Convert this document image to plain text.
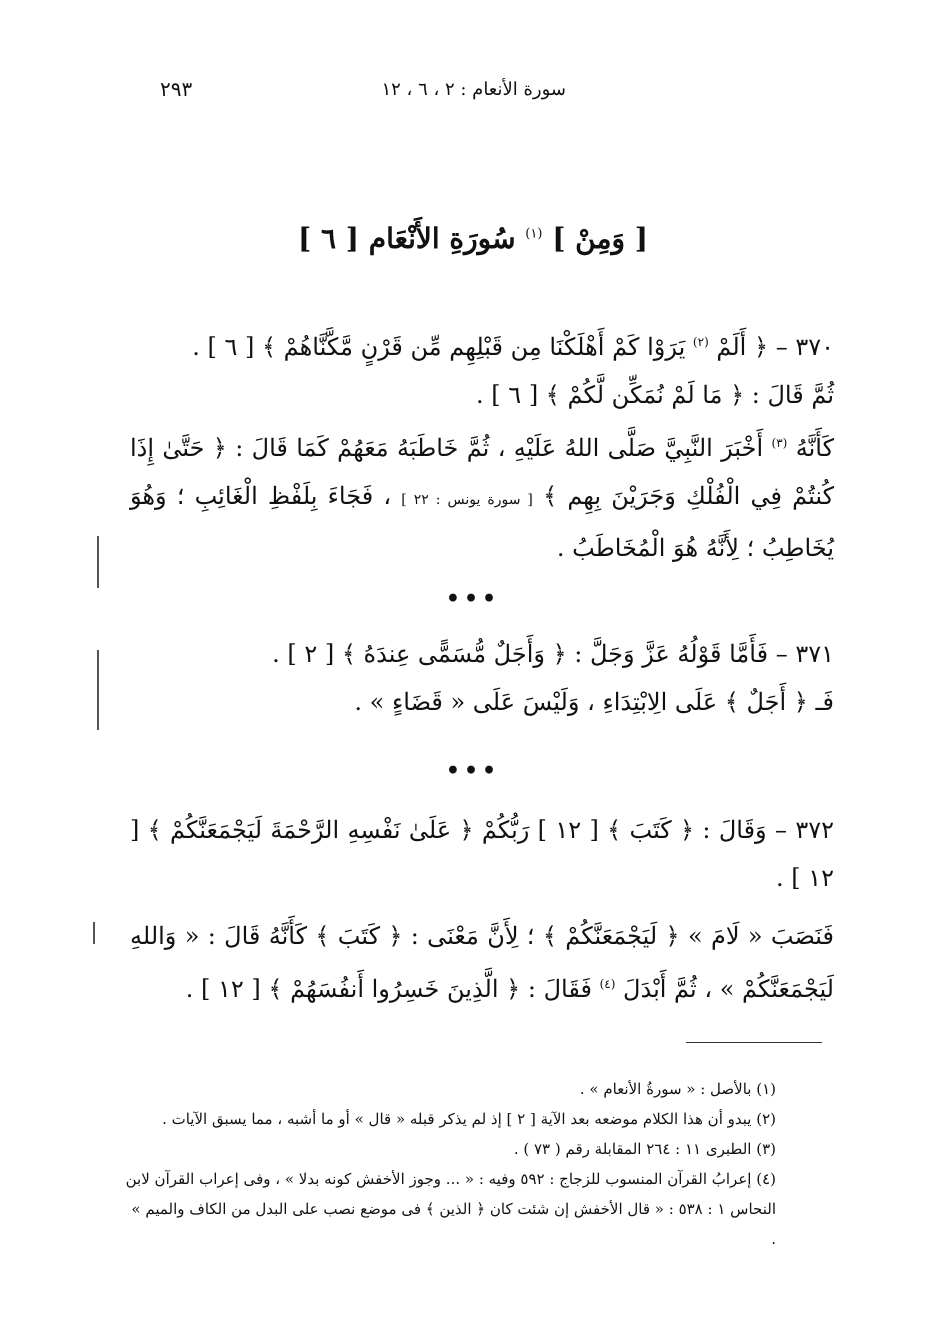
سورة الأنعام : ٢ ، ٦ ، ١٢
٢٩٣
[ وَمِنْ ] $^{(١)}$ سُورَةِ الأَنْعَام [ ٦ ]

٣٧٠ – ﴿ أَلَمْ $^{(٢)}$ يَرَوْا كَمْ أَهْلَكْنَا مِن قَبْلِهِم مِّن قَرْنٍ مَّكَّنَّاهُمْ ﴾ [ ٦ ] .

ثُمَّ قَالَ : ﴿ مَا لَمْ نُمَكِّن لَّكُمْ ﴾ [ ٦ ] .

كَأَنَّهُ $^{(٣)}$ أَخْبَرَ النَّبِيَّ صَلَّى اللهُ عَلَيْهِ ، ثُمَّ خَاطَبَهُ مَعَهُمْ كَمَا قَالَ : ﴿ حَتَّىٰ إِذَا كُنتُمْ فِي الْفُلْكِ وَجَرَيْنَ بِهِم ﴾ [ سورة يونس : ٢٢ ] ، فَجَاءَ بِلَفْظِ الْغَائِبِ ؛ وَهُوَ يُخَاطِبُ ؛ لِأَنَّهُ هُوَ الْمُخَاطَبُ .

•••

٣٧١ – فَأَمَّا قَوْلُهُ عَزَّ وَجَلَّ : ﴿ وَأَجَلٌ مُّسَمًّى عِندَهُ ﴾ [ ٢ ] .

فَـ ﴿ أَجَلٌ ﴾ عَلَى الِابْتِدَاءِ ، وَلَيْسَ عَلَى « قَضَاءٍ » .

•••

٣٧٢ – وَقَالَ : ﴿ كَتَبَ ﴾ [ ١٢ ] رَبُّكُمْ ﴿ عَلَىٰ نَفْسِهِ الرَّحْمَةَ لَيَجْمَعَنَّكُمْ ﴾ [ ١٢ ] .

فَنَصَبَ « لَامَ » ﴿ لَيَجْمَعَنَّكُمْ ﴾ ؛ لِأَنَّ مَعْنَى : ﴿ كَتَبَ ﴾ كَأَنَّهُ قَالَ : « وَاللهِ لَيَجْمَعَنَّكُمْ » ، ثُمَّ أَبْدَلَ $^{(٤)}$ فَقَالَ : ﴿ الَّذِينَ خَسِرُوا أَنفُسَهُمْ ﴾ [ ١٢ ] .

(١) بالأصل : « سورةُ الأنعام » .

(٢) يبدو أن هذا الكلام موضعه بعد الآية [ ٢ ] إذ لم يذكر قبله « قال » أو ما أشبه ، مما يسبق الآيات .

(٣) الطبرى ١١ : ٢٦٤ المقابلة رقم ( ٧٣ ) .

(٤) إعرابُ القرآن المنسوب للزجاج : ٥٩٢ وفيه : « ... وجوز الأخفش كونه بدلا » ، وفى إعراب القرآن لابن النحاس ١ : ٥٣٨ : « قال الأخفش إن شئت كان ﴿ الذين ﴾ فى موضع نصب على البدل من الكاف والميم » .
